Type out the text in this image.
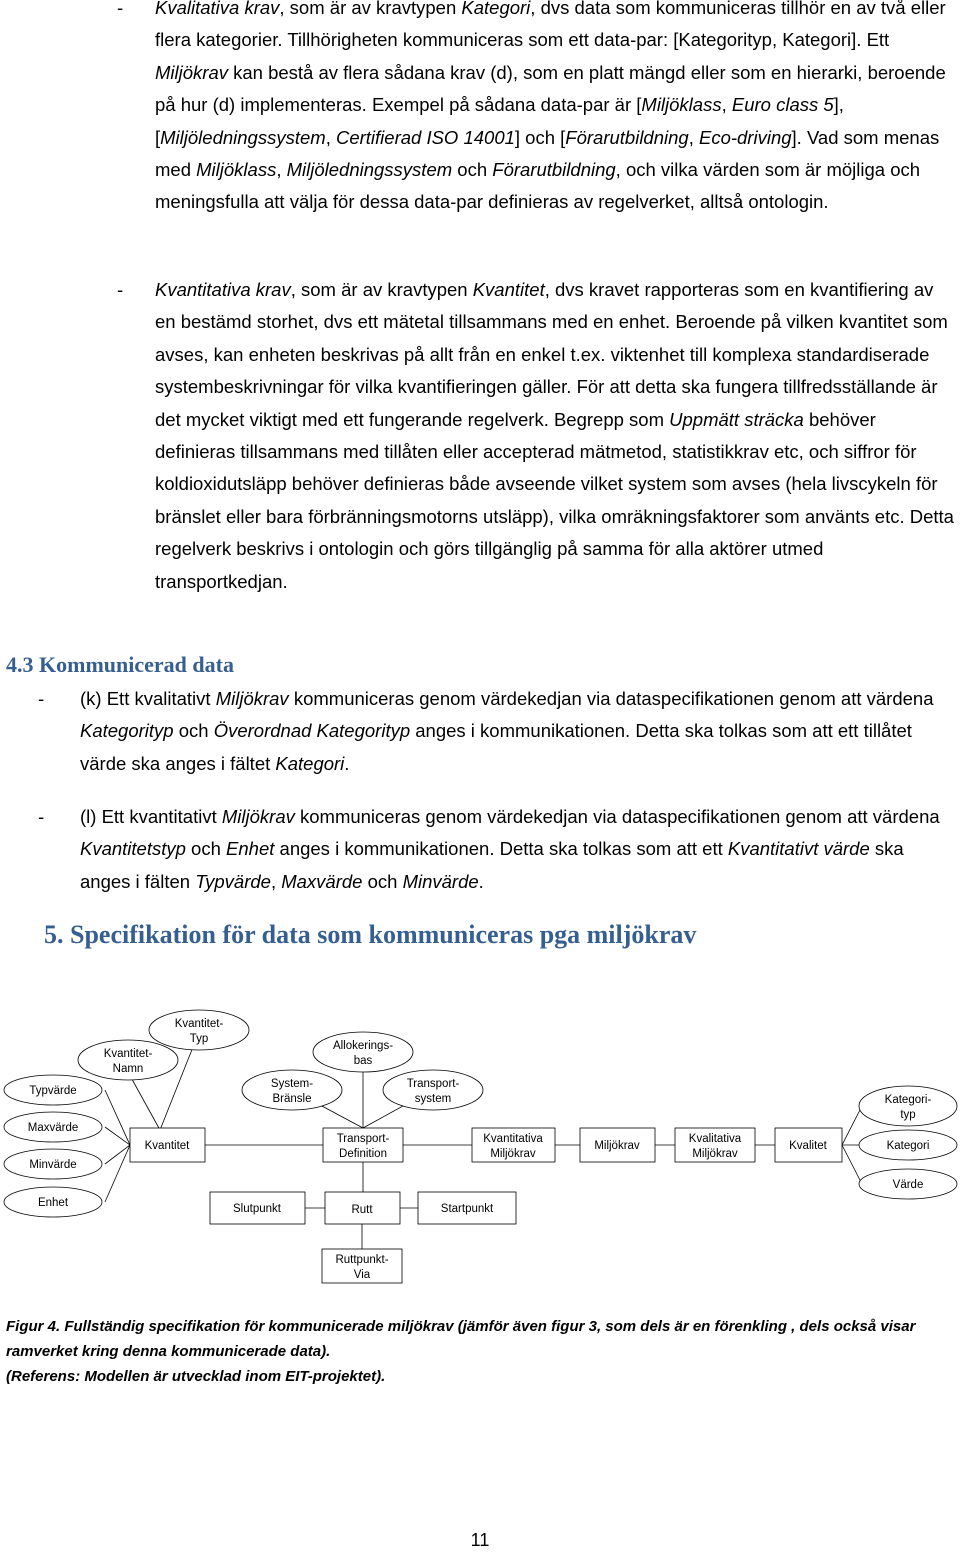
- Kvalitativa krav, som är av kravtypen Kategori, dvs data som kommuniceras tillhör en av två eller flera kategorier. Tillhörigheten kommuniceras som ett data-par: [Kategorityp, Kategori]. Ett Miljökrav kan bestå av flera sådana krav (d), som en platt mängd eller som en hierarki, beroende på hur (d) implementeras. Exempel på sådana data-par är [Miljöklass, Euro class 5], [Miljöledningssystem, Certifierad ISO 14001] och [Förarutbildning, Eco-driving]. Vad som menas med Miljöklass, Miljöledningssystem och Förarutbildning, och vilka värden som är möjliga och meningsfulla att välja för dessa data-par definieras av regelverket, alltså ontologin.
- Kvantitativa krav, som är av kravtypen Kvantitet, dvs kravet rapporteras som en kvantifiering av en bestämd storhet, dvs ett mätetal tillsammans med en enhet. Beroende på vilken kvantitet som avses, kan enheten beskrivas på allt från en enkel t.ex. viktenhet till komplexa standardiserade systembeskrivningar för vilka kvantifieringen gäller. För att detta ska fungera tillfredsställande är det mycket viktigt med ett fungerande regelverk. Begrepp som Uppmätt sträcka behöver definieras tillsammans med tillåten eller accepterad mätmetod, statistikkrav etc, och siffror för koldioxidutsläpp behöver definieras både avseende vilket system som avses (hela livscykeln för bränslet eller bara förbränningsmotorns utsläpp), vilka omräkningsfaktorer som använts etc. Detta regelverk beskrivs i ontologin och görs tillgänglig på samma för alla aktörer utmed transportkedjan.
4.3 Kommunicerad data
- (k) Ett kvalitativt Miljökrav kommuniceras genom värdekedjan via dataspecifikationen genom att värdena Kategorityp och Överordnad Kategorityp anges i kommunikationen. Detta ska tolkas som att ett tillåtet värde ska anges i fältet Kategori.
- (l) Ett kvantitativt Miljökrav kommuniceras genom värdekedjan via dataspecifikationen genom att värdena Kvantitetstyp och Enhet anges i kommunikationen. Detta ska tolkas som att ett Kvantitativt värde ska anges i fälten Typvärde, Maxvärde och Minvärde.
5. Specifikation för data som kommuniceras pga miljökrav
Typvärde
Maxvärde
Minvärde
Enhet
Kvantitet-
Namn
Kvantitet-
Typ
System-
Bränsle
Allokerings-
bas
Transport-
system	Kategori-
typ
Kategori
Värde
Kvantitet
Transport-
Definition
Kvantitativa
Miljökrav
Miljökrav
Kvalitativa
Miljökrav
Kvalitet
Slutpunkt	Rutt	Startpunkt
Ruttpunkt-
Via
Figur 4. Fullständig specifikation för kommunicerade miljökrav (jämför även figur 3, som dels är en förenkling , dels också visar ramverket kring denna kommunicerade data).
(Referens: Modellen är utvecklad inom EIT-projektet).
11
